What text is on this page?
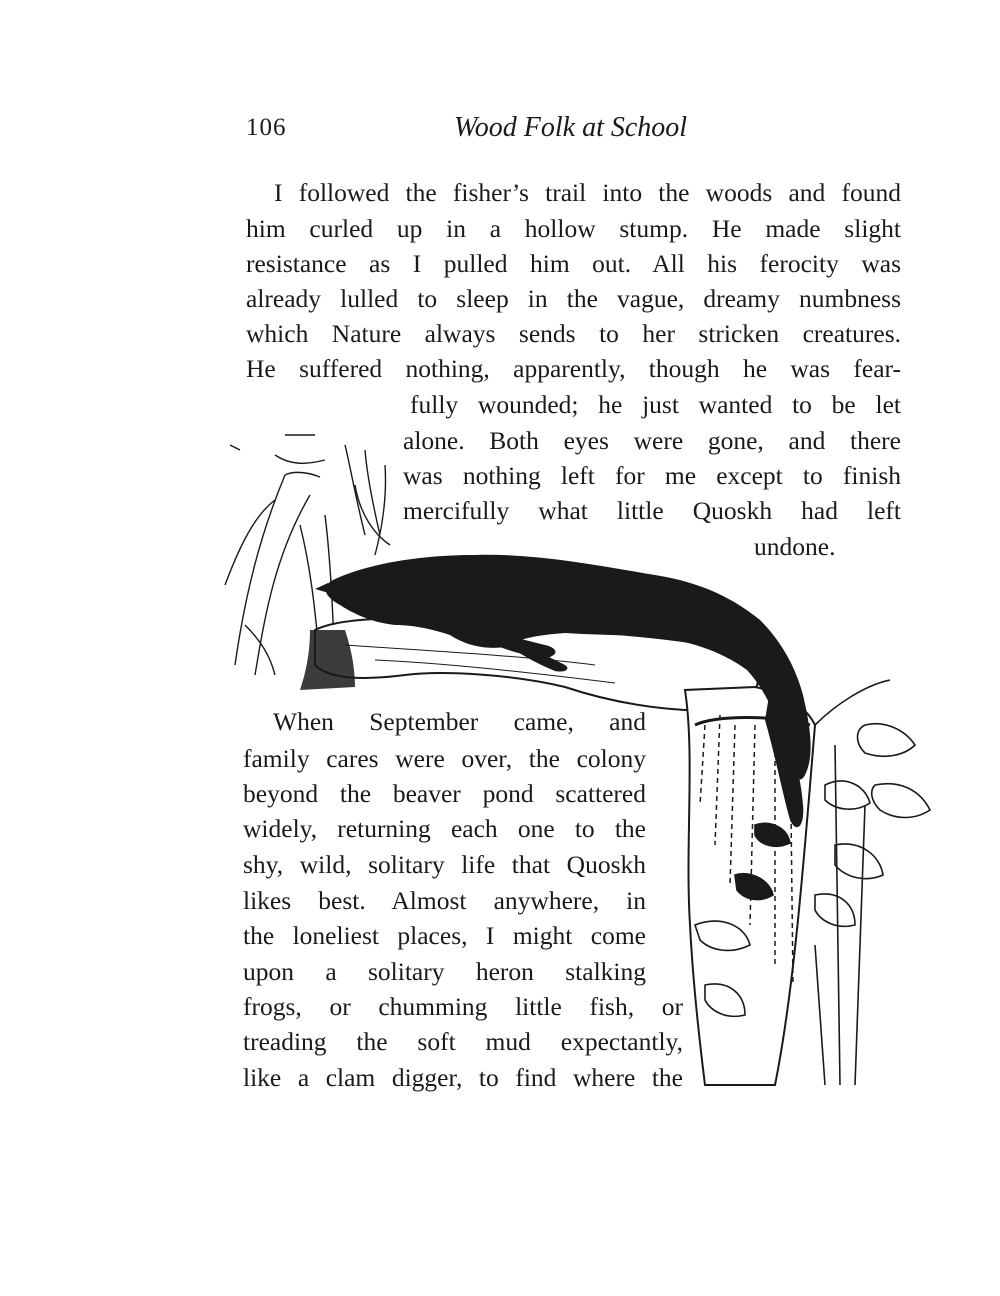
106	Wood Folk at School
I followed the fisher’s trail into the woods and found
him curled up in a hollow stump. He made slight
resistance as I pulled him out. All his ferocity was
already lulled to sleep in the vague, dreamy numbness
which Nature always sends to her stricken creatures.
He suffered nothing, apparently, though he was fear-
fully wounded; he just wanted to be let
alone. Both eyes were gone, and there
was nothing left for me except to finish
mercifully what little Quoskh had left
undone.
When September came, and
family cares were over, the colony
beyond the beaver pond scattered
widely, returning each one to the
shy, wild, solitary life that Quoskh
likes best. Almost anywhere, in
the loneliest places, I might come
upon a solitary heron stalking
frogs, or chumming little fish, or
treading the soft mud expectantly,
like a clam digger, to find where the
